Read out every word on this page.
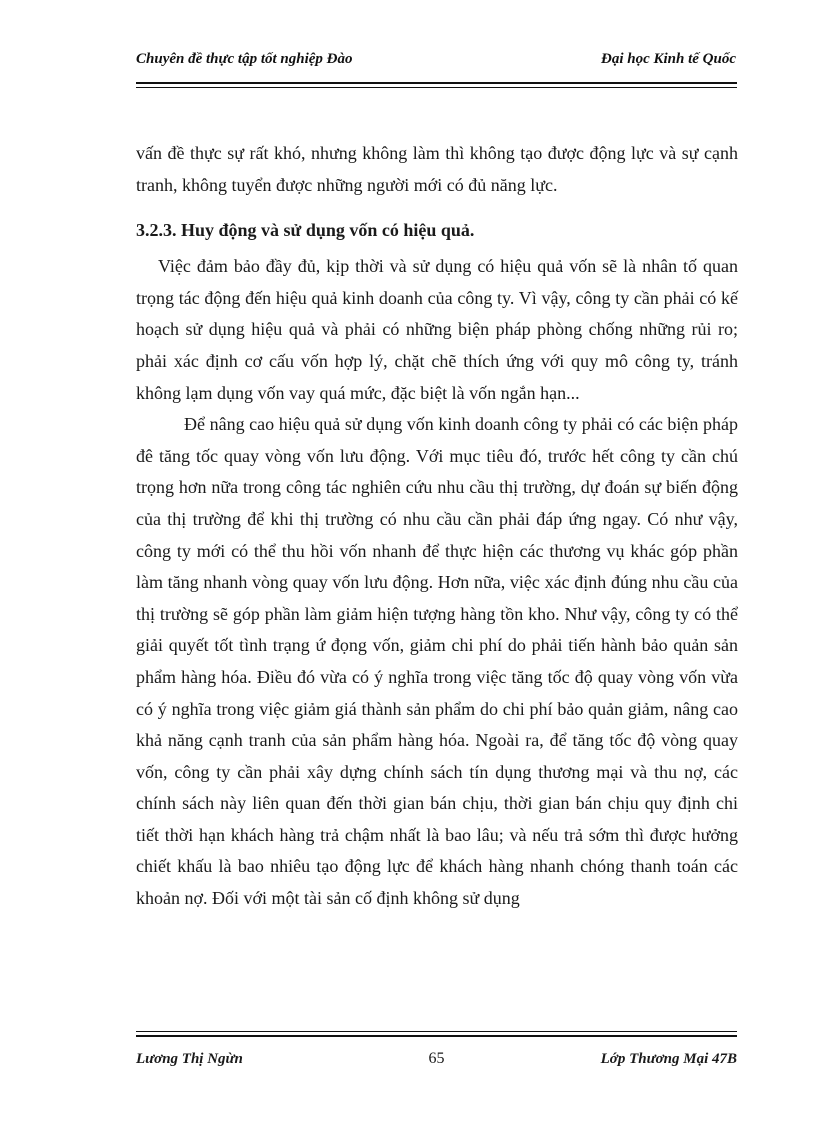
Chuyên đề thực tập tốt nghiệp Đào	Đại học Kinh tế Quốc

vấn đề thực sự rất khó, nhưng không làm thì không tạo được động lực và sự cạnh tranh, không tuyển được những người mới có đủ năng lực.

3.2.3. Huy động và sử dụng vốn có hiệu quả.

Việc đảm bảo đầy đủ, kịp thời và sử dụng có hiệu quả vốn sẽ là nhân tố quan trọng tác động đến hiệu quả kinh doanh của công ty. Vì vậy, công ty cần phải có kế hoạch sử dụng hiệu quả và phải có những biện pháp phòng chống những rủi ro; phải xác định cơ cấu vốn hợp lý, chặt chẽ thích ứng với quy mô công ty, tránh không lạm dụng vốn vay quá mức, đặc biệt là vốn ngắn hạn...

Để nâng cao hiệu quả sử dụng vốn kinh doanh công ty phải có các biện pháp đê tăng tốc quay vòng vốn lưu động. Với mục tiêu đó, trước hết công ty cần chú trọng hơn nữa trong công tác nghiên cứu nhu cầu thị trường, dự đoán sự biến động của thị trường để khi thị trường có nhu cầu cần phải đáp ứng ngay. Có như vậy, công ty mới có thể thu hồi vốn nhanh để thực hiện các thương vụ khác góp phần làm tăng nhanh vòng quay vốn lưu động. Hơn nữa, việc xác định đúng nhu cầu của thị trường sẽ góp phần làm giảm hiện tượng hàng tồn kho. Như vậy, công ty có thể giải quyết tốt tình trạng ứ đọng vốn, giảm chi phí do phải tiến hành bảo quản sản phẩm hàng hóa. Điều đó vừa có ý nghĩa trong việc tăng tốc độ quay vòng vốn vừa có ý nghĩa trong việc giảm giá thành sản phẩm do chi phí bảo quản giảm, nâng cao khả năng cạnh tranh của sản phẩm hàng hóa. Ngoài ra, để tăng tốc độ vòng quay vốn, công ty cần phải xây dựng chính sách tín dụng thương mại và thu nợ, các chính sách này liên quan đến thời gian bán chịu, thời gian bán chịu quy định chi tiết thời hạn khách hàng trả chậm nhất là bao lâu; và nếu trả sớm thì được hưởng chiết khấu là bao nhiêu tạo động lực để khách hàng nhanh chóng thanh toán các khoản nợ. Đối với một tài sản cố định không sử dụng

65
Lương Thị Ngừn	Lớp Thương Mại 47B
